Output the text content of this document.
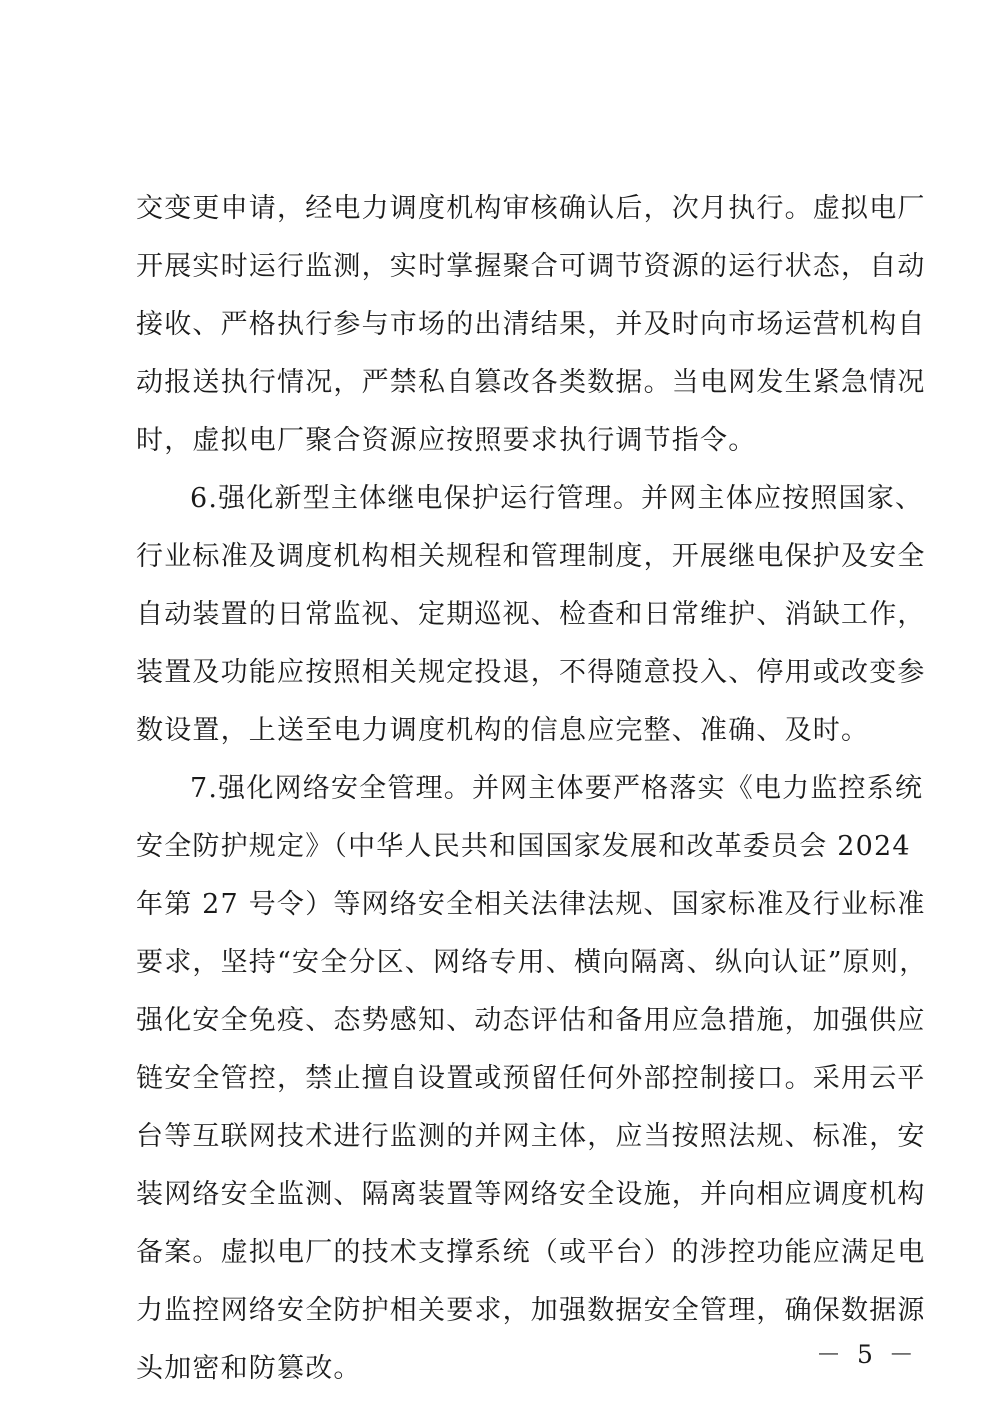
交变更申请，经电力调度机构审核确认后，次月执行。虚拟电厂
开展实时运行监测，实时掌握聚合可调节资源的运行状态，自动
接收、严格执行参与市场的出清结果，并及时向市场运营机构自
动报送执行情况，严禁私自篡改各类数据。当电网发生紧急情况
时，虚拟电厂聚合资源应按照要求执行调节指令。
6.强化新型主体继电保护运行管理。并网主体应按照国家、
行业标准及调度机构相关规程和管理制度，开展继电保护及安全
自动装置的日常监视、定期巡视、检查和日常维护、消缺工作，
装置及功能应按照相关规定投退，不得随意投入、停用或改变参
数设置，上送至电力调度机构的信息应完整、准确、及时。
7.强化网络安全管理。并网主体要严格落实《电力监控系统
安全防护规定》（中华人民共和国国家发展和改革委员会 2024
年第 27 号令）等网络安全相关法律法规、国家标准及行业标准
要求，坚持“安全分区、网络专用、横向隔离、纵向认证”原则，
强化安全免疫、态势感知、动态评估和备用应急措施，加强供应
链安全管控，禁止擅自设置或预留任何外部控制接口。采用云平
台等互联网技术进行监测的并网主体，应当按照法规、标准，安
装网络安全监测、隔离装置等网络安全设施，并向相应调度机构
备案。虚拟电厂的技术支撑系统（或平台）的涉控功能应满足电
力监控网络安全防护相关要求，加强数据安全管理，确保数据源
头加密和防篡改。	－ 5 －
